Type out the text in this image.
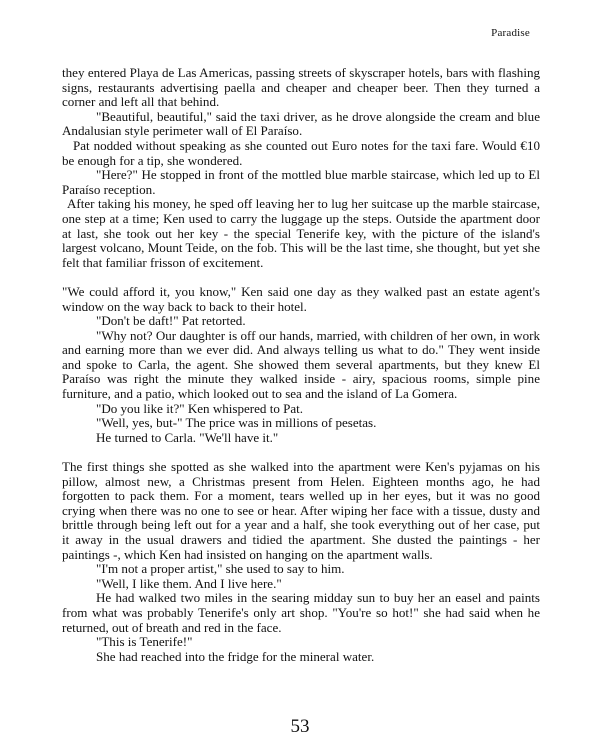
Paradise

they entered Playa de Las Americas, passing streets of skyscraper hotels, bars with flashing signs, restaurants advertising paella and cheaper and cheaper beer. Then they turned a corner and left all that behind.

"Beautiful, beautiful," said the taxi driver, as he drove alongside the cream and blue Andalusian style perimeter wall of El Paraíso.

Pat nodded without speaking as she counted out Euro notes for the taxi fare. Would €10 be enough for a tip, she wondered.

"Here?" He stopped in front of the mottled blue marble staircase, which led up to El Paraíso reception.

After taking his money, he sped off leaving her to lug her suitcase up the marble staircase, one step at a time; Ken used to carry the luggage up the steps. Outside the apartment door at last, she took out her key - the special Tenerife key, with the picture of the island's largest volcano, Mount Teide, on the fob. This will be the last time, she thought, but yet she felt that familiar frisson of excitement.

"We could afford it, you know," Ken said one day as they walked past an estate agent's window on the way back to back to their hotel.

"Don't be daft!" Pat retorted.

"Why not? Our daughter is off our hands, married, with children of her own, in work and earning more than we ever did. And always telling us what to do." They went inside and spoke to Carla, the agent. She showed them several apartments, but they knew El Paraíso was right the minute they walked inside - airy, spacious rooms, simple pine furniture, and a patio, which looked out to sea and the island of La Gomera.

"Do you like it?" Ken whispered to Pat.

"Well, yes, but-" The price was in millions of pesetas.

He turned to Carla. "We'll have it."

The first things she spotted as she walked into the apartment were Ken's pyjamas on his pillow, almost new, a Christmas present from Helen. Eighteen months ago, he had forgotten to pack them. For a moment, tears welled up in her eyes, but it was no good crying when there was no one to see or hear. After wiping her face with a tissue, dusty and brittle through being left out for a year and a half, she took everything out of her case, put it away in the usual drawers and tidied the apartment. She dusted the paintings - her paintings -, which Ken had insisted on hanging on the apartment walls.

"I'm not a proper artist," she used to say to him.

"Well, I like them. And I live here."

He had walked two miles in the searing midday sun to buy her an easel and paints from what was probably Tenerife's only art shop. "You're so hot!" she had said when he returned, out of breath and red in the face.

"This is Tenerife!"

She had reached into the fridge for the mineral water.

53
